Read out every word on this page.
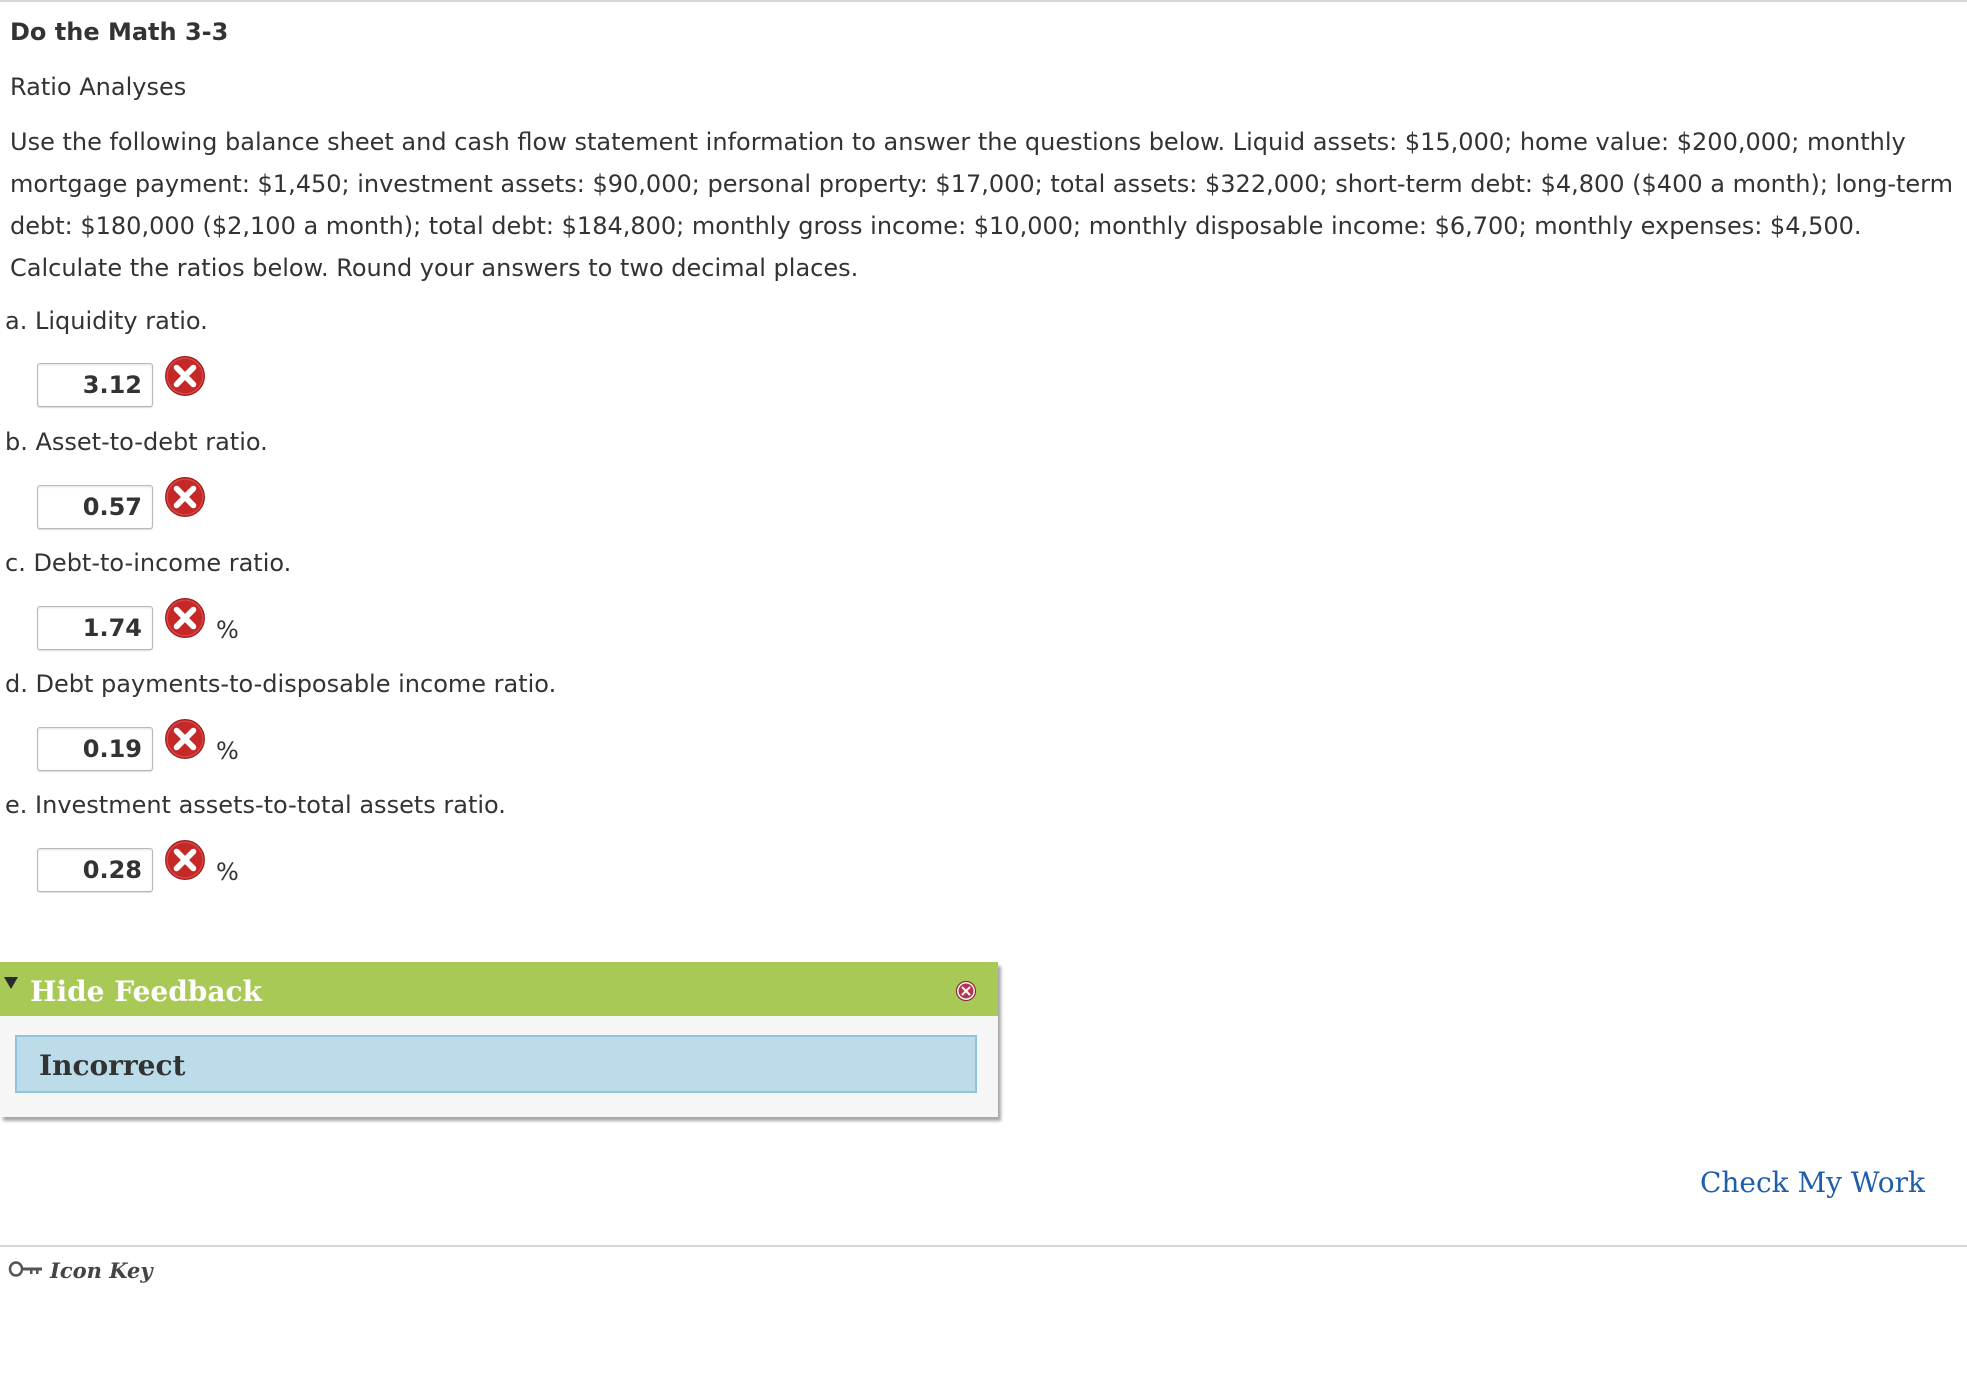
Do the Math 3-3
Ratio Analyses
Use the following balance sheet and cash flow statement information to answer the questions below. Liquid assets: $15,000; home value: $200,000; monthly mortgage payment: $1,450; investment assets: $90,000; personal property: $17,000; total assets: $322,000; short-term debt: $4,800 ($400 a month); long-term debt: $180,000 ($2,100 a month); total debt: $184,800; monthly gross income: $10,000; monthly disposable income: $6,700; monthly expenses: $4,500. Calculate the ratios below. Round your answers to two decimal places.
a. Liquidity ratio.
3.12
b. Asset-to-debt ratio.
0.57
c. Debt-to-income ratio.
1.74
%
d. Debt payments-to-disposable income ratio.
0.19
%
e. Investment assets-to-total assets ratio.
0.28
%
Hide Feedback
Incorrect
Check My Work
Icon Key
